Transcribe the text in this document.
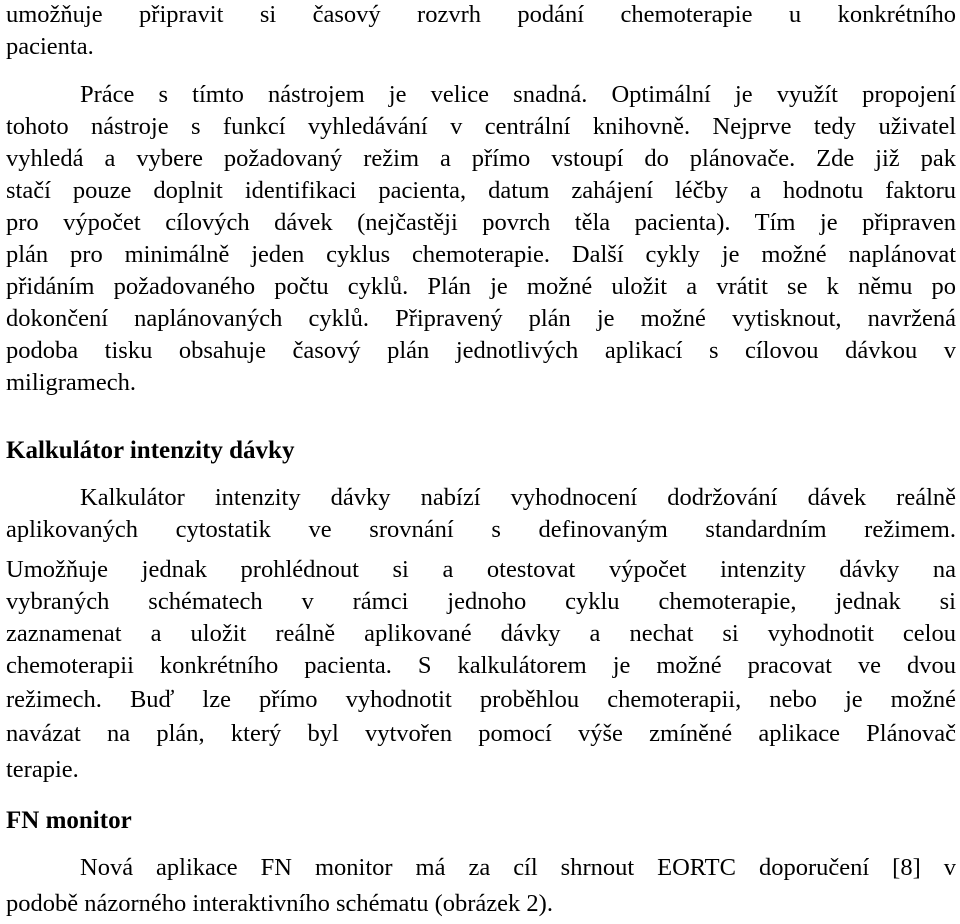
umožňuje připravit si časový rozvrh podání chemoterapie u konkrétního
pacienta.
Práce s tímto nástrojem je velice snadná. Optimální je využít propojení
tohoto nástroje s funkcí vyhledávání v centrální knihovně. Nejprve tedy uživatel
vyhledá a vybere požadovaný režim a přímo vstoupí do plánovače. Zde již pak
stačí pouze doplnit identifikaci pacienta, datum zahájení léčby a hodnotu faktoru
pro výpočet cílových dávek (nejčastěji povrch těla pacienta). Tím je připraven
plán pro minimálně jeden cyklus chemoterapie. Další cykly je možné naplánovat
přidáním požadovaného počtu cyklů. Plán je možné uložit a vrátit se k němu po
dokončení naplánovaných cyklů. Připravený plán je možné vytisknout, navržená
podoba tisku obsahuje časový plán jednotlivých aplikací s cílovou dávkou v
miligramech.
Kalkulátor intenzity dávky
Kalkulátor intenzity dávky nabízí vyhodnocení dodržování dávek reálně
aplikovaných cytostatik ve srovnání s definovaným standardním režimem.
Umožňuje jednak prohlédnout si a otestovat výpočet intenzity dávky na
vybraných schématech v rámci jednoho cyklu chemoterapie, jednak si
zaznamenat a uložit reálně aplikované dávky a nechat si vyhodnotit celou
chemoterapii konkrétního pacienta. S kalkulátorem je možné pracovat ve dvou
režimech. Buď lze přímo vyhodnotit proběhlou chemoterapii, nebo je možné
navázat na plán, který byl vytvořen pomocí výše zmíněné aplikace Plánovač
terapie.
FN monitor
Nová aplikace FN monitor má za cíl shrnout EORTC doporučení [8] v
podobě názorného interaktivního schématu (obrázek 2).
